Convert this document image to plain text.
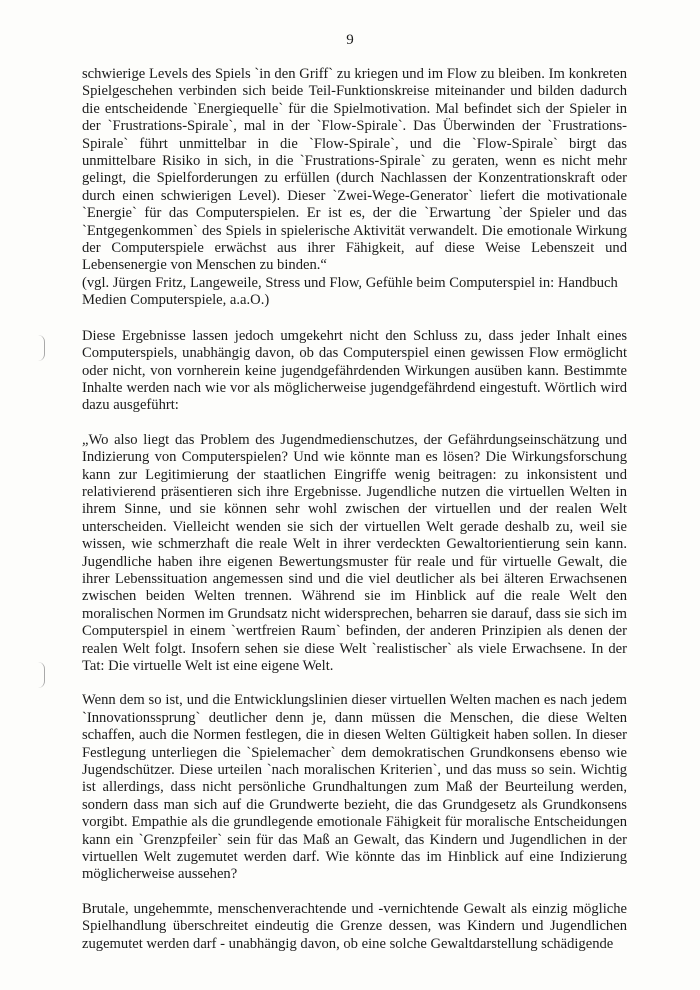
9

schwierige Levels des Spiels `in den Griff` zu kriegen und im Flow zu bleiben. Im konkreten Spielgeschehen verbinden sich beide Teil-Funktionskreise miteinander und bilden dadurch die entscheidende `Energiequelle` für die Spielmotivation. Mal befindet sich der Spieler in der `Frustrations-Spirale`, mal in der `Flow-Spirale`. Das Überwinden der `Frustrations-Spirale` führt unmittelbar in die `Flow-Spirale`, und die `Flow-Spirale` birgt das unmittelbare Risiko in sich, in die `Frustrations-Spirale` zu geraten, wenn es nicht mehr gelingt, die Spielforderungen zu erfüllen (durch Nachlassen der Konzentrationskraft oder durch einen schwierigen Level). Dieser `Zwei-Wege-Generator` liefert die motivationale `Energie` für das Computerspielen. Er ist es, der die `Erwartung `der Spieler und das `Entgegenkommen` des Spiels in spielerische Aktivität verwandelt. Die emotionale Wirkung der Computerspiele erwächst aus ihrer Fähigkeit, auf diese Weise Lebenszeit und Lebensenergie von Menschen zu binden.“

(vgl. Jürgen Fritz, Langeweile, Stress und Flow, Gefühle beim Computerspiel in: Handbuch Medien Computerspiele, a.a.O.)

Diese Ergebnisse lassen jedoch umgekehrt nicht den Schluss zu, dass jeder Inhalt eines Computerspiels, unabhängig davon, ob das Computerspiel einen gewissen Flow ermöglicht oder nicht, von vornherein keine jugendgefährdenden Wirkungen ausüben kann. Bestimmte Inhalte werden nach wie vor als möglicherweise jugendgefährdend eingestuft. Wörtlich wird dazu ausgeführt:

„Wo also liegt das Problem des Jugendmedienschutzes, der Gefährdungseinschätzung und Indizierung von Computerspielen? Und wie könnte man es lösen? Die Wirkungsforschung kann zur Legitimierung der staatlichen Eingriffe wenig beitragen: zu inkonsistent und relativierend präsentieren sich ihre Ergebnisse. Jugendliche nutzen die virtuellen Welten in ihrem Sinne, und sie können sehr wohl zwischen der virtuellen und der realen Welt unterscheiden. Vielleicht wenden sie sich der virtuellen Welt gerade deshalb zu, weil sie wissen, wie schmerzhaft die reale Welt in ihrer verdeckten Gewaltorientierung sein kann. Jugendliche haben ihre eigenen Bewertungsmuster für reale und für virtuelle Gewalt, die ihrer Lebenssituation angemessen sind und die viel deutlicher als bei älteren Erwachsenen zwischen beiden Welten trennen. Während sie im Hinblick auf die reale Welt den moralischen Normen im Grundsatz nicht widersprechen, beharren sie darauf, dass sie sich im Computerspiel in einem `wertfreien Raum` befinden, der anderen Prinzipien als denen der realen Welt folgt. Insofern sehen sie diese Welt `realistischer` als viele Erwachsene. In der Tat: Die virtuelle Welt ist eine eigene Welt.

Wenn dem so ist, und die Entwicklungslinien dieser virtuellen Welten machen es nach jedem `Innovationssprung` deutlicher denn je, dann müssen die Menschen, die diese Welten schaffen, auch die Normen festlegen, die in diesen Welten Gültigkeit haben sollen. In dieser Festlegung unterliegen die `Spielemacher` dem demokratischen Grundkonsens ebenso wie Jugendschützer. Diese urteilen `nach moralischen Kriterien`, und das muss so sein. Wichtig ist allerdings, dass nicht persönliche Grundhaltungen zum Maß der Beurteilung werden, sondern dass man sich auf die Grundwerte bezieht, die das Grundgesetz als Grundkonsens vorgibt. Empathie als die grundlegende emotionale Fähigkeit für moralische Entscheidungen kann ein `Grenzpfeiler` sein für das Maß an Gewalt, das Kindern und Jugendlichen in der virtuellen Welt zugemutet werden darf. Wie könnte das im Hinblick auf eine Indizierung möglicherweise aussehen?

Brutale, ungehemmte, menschenverachtende und -vernichtende Gewalt als einzig mögliche Spielhandlung überschreitet eindeutig die Grenze dessen, was Kindern und Jugendlichen zugemutet werden darf - unabhängig davon, ob eine solche Gewaltdarstellung schädigende
